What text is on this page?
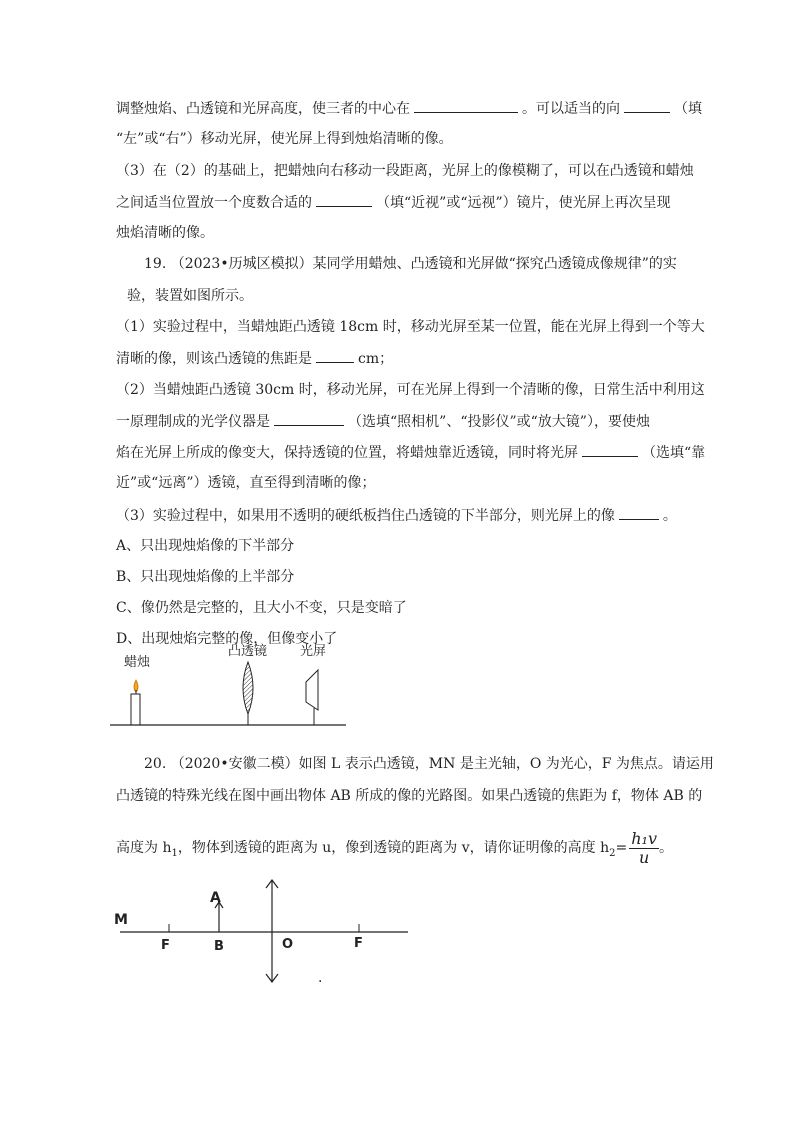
调整烛焰、凸透镜和光屏高度，使三者的中心在	。可以适当的向	（填
“左”或“右”）移动光屏，使光屏上得到烛焰清晰的像。
（3）在（2）的基础上，把蜡烛向右移动一段距离，光屏上的像模糊了，可以在凸透镜和蜡烛
之间适当位置放一个度数合适的	（填“近视”或“远视”）镜片，使光屏上再次呈现
烛焰清晰的像。
19. （2023•历城区模拟）某同学用蜡烛、凸透镜和光屏做“探究凸透镜成像规律”的实
验，装置如图所示。
（1）实验过程中，当蜡烛距凸透镜 18cm 时，移动光屏至某一位置，能在光屏上得到一个等大
清晰的像，则该凸透镜的焦距是	cm；
（2）当蜡烛距凸透镜 30cm 时，移动光屏，可在光屏上得到一个清晰的像，日常生活中利用这
一原理制成的光学仪器是	（选填“照相机”、“投影仪”或“放大镜”），要使烛
焰在光屏上所成的像变大，保持透镜的位置，将蜡烛靠近透镜，同时将光屏	（选填“靠
近”或“远离”）透镜，直至得到清晰的像；
（3）实验过程中，如果用不透明的硬纸板挡住凸透镜的下半部分，则光屏上的像	。
A、只出现烛焰像的下半部分
B、只出现烛焰像的上半部分
C、像仍然是完整的，且大小不变，只是变暗了
D、出现烛焰完整的像，但像变小了
蜡烛
凸透镜	光屏
20. （2020•安徽二模）如图 L 表示凸透镜，MN 是主光轴，O 为光心，F 为焦点。请运用
凸透镜的特殊光线在图中画出物体 AB 所成的像的光路图。如果凸透镜的焦距为 f，物体 AB 的
高度为 $h_1$，物体到透镜的距离为 u，像到透镜的距离为 v，请你证明像的高度 $h_2= \frac{\text{h₁v}}{u}$ 。
M
F	F
A
B	O
.
